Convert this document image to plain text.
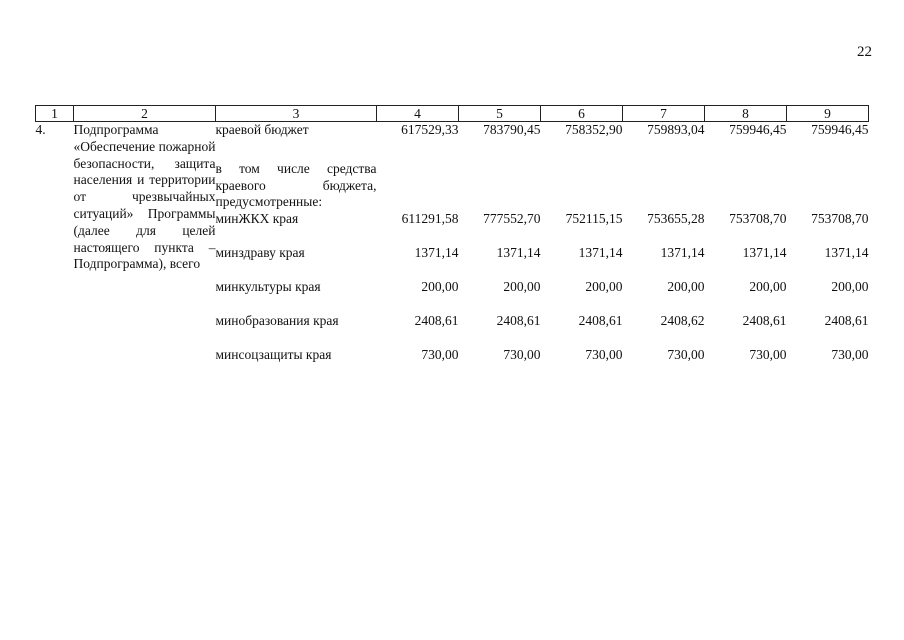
22
1	2	3	4	5	6	7	8	9
4.	Подпрограмма «Обеспечение пожарной безопасности, защита населения и территории от чрезвычайных ситуаций» Программы (далее для целей настоящего пункта – Подпрограмма), всего	краевой бюджет	617529,33	783790,45	758352,90	759893,04	759946,45	759946,45
		в том числе средства краевого бюджета, предусмотренные:						
		минЖКХ края	611291,58	777552,70	752115,15	753655,28	753708,70	753708,70
		минздраву края	1371,14	1371,14	1371,14	1371,14	1371,14	1371,14
		минкультуры края	200,00	200,00	200,00	200,00	200,00	200,00
		минобразования края	2408,61	2408,61	2408,61	2408,62	2408,61	2408,61
		минсоцзащиты края	730,00	730,00	730,00	730,00	730,00	730,00
